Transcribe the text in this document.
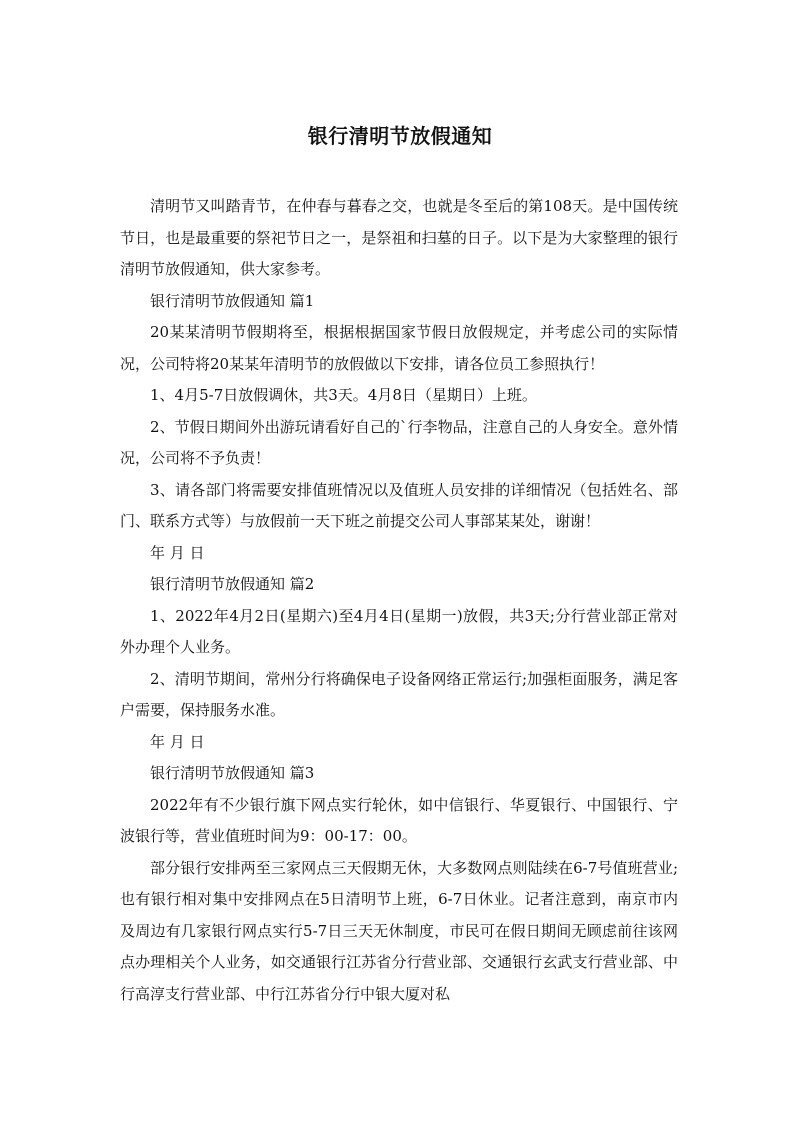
银行清明节放假通知

清明节又叫踏青节，在仲春与暮春之交，也就是冬至后的第108天。是中国传统节日，也是最重要的祭祀节日之一，是祭祖和扫墓的日子。以下是为大家整理的银行清明节放假通知，供大家参考。

银行清明节放假通知 篇1

20某某清明节假期将至，根据根据国家节假日放假规定，并考虑公司的实际情况，公司特将20某某年清明节的放假做以下安排，请各位员工参照执行！

1、4月5-7日放假调休，共3天。4月8日（星期日）上班。

2、节假日期间外出游玩请看好自己的`行李物品，注意自己的人身安全。意外情况，公司将不予负责！

3、请各部门将需要安排值班情况以及值班人员安排的详细情况（包括姓名、部门、联系方式等）与放假前一天下班之前提交公司人事部某某处，谢谢！

年 月 日

银行清明节放假通知 篇2

1、2022年4月2日(星期六)至4月4日(星期一)放假，共3天;分行营业部正常对外办理个人业务。

2、清明节期间，常州分行将确保电子设备网络正常运行;加强柜面服务，满足客户需要，保持服务水准。

年 月 日

银行清明节放假通知 篇3

2022年有不少银行旗下网点实行轮休，如中信银行、华夏银行、中国银行、宁波银行等，营业值班时间为9：00-17：00。

部分银行安排两至三家网点三天假期无休，大多数网点则陆续在6-7号值班营业;也有银行相对集中安排网点在5日清明节上班，6-7日休业。记者注意到，南京市内及周边有几家银行网点实行5-7日三天无休制度，市民可在假日期间无顾虑前往该网点办理相关个人业务，如交通银行江苏省分行营业部、交通银行玄武支行营业部、中行高淳支行营业部、中行江苏省分行中银大厦对私
